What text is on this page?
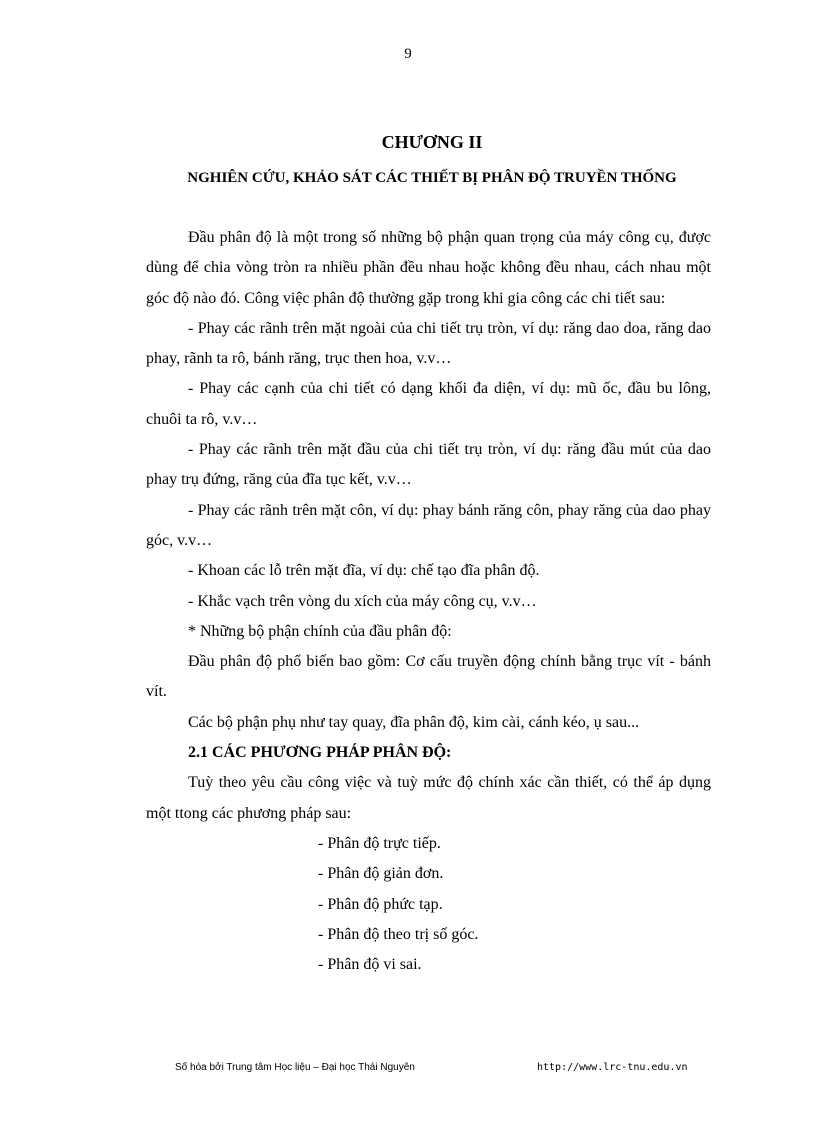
9
CHƯƠNG II
NGHIÊN CỨU, KHẢO SÁT CÁC THIẾT BỊ PHÂN ĐỘ TRUYỀN THỐNG

Đầu phân độ là một trong số những bộ phận quan trọng của máy công cụ, được dùng để chia vòng tròn ra nhiều phần đều nhau hoặc không đều nhau, cách nhau một góc độ nào đó. Công việc phân độ thường gặp trong khi gia công các chi tiết sau:

- Phay các rãnh trên mặt ngoài của chi tiết trụ tròn, ví dụ: răng dao doa, răng dao phay, rãnh ta rô, bánh răng, trục then hoa, v.v…

- Phay các cạnh của chi tiết có dạng khối đa diện, ví dụ: mũ ốc, đầu bu lông, chuôi ta rô, v.v…

- Phay các rãnh trên mặt đầu của chi tiết trụ tròn, ví dụ: răng đầu mút của dao phay trụ đứng, răng của đĩa tục kết, v.v…

- Phay các rãnh trên mặt côn, ví dụ: phay bánh răng côn, phay răng của dao phay góc, v.v…

- Khoan các lỗ trên mặt đĩa, ví dụ: chế tạo đĩa phân độ.

- Khắc vạch trên vòng du xích của máy công cụ, v.v…

* Những bộ phận chính của đầu phân độ:

Đầu phân độ phổ biến bao gồm: Cơ cấu truyền động chính bằng trục vít - bánh vít.

Các bộ phận phụ như tay quay, đĩa phân độ, kim cài, cánh kéo, ụ sau...

2.1 CÁC PHƯƠNG PHÁP PHÂN ĐỘ:

Tuỳ theo yêu cầu công việc và tuỳ mức độ chính xác cần thiết, có thể áp dụng một ttong các phương pháp sau:

- Phân độ trực tiếp.

- Phân độ giản đơn.

- Phân độ phức tạp.

- Phân độ theo trị số góc.

- Phân độ vi sai.

Số hóa bởi Trung tâm Học liệu – Đại học Thái Nguyên	http://www.lrc-tnu.edu.vn
